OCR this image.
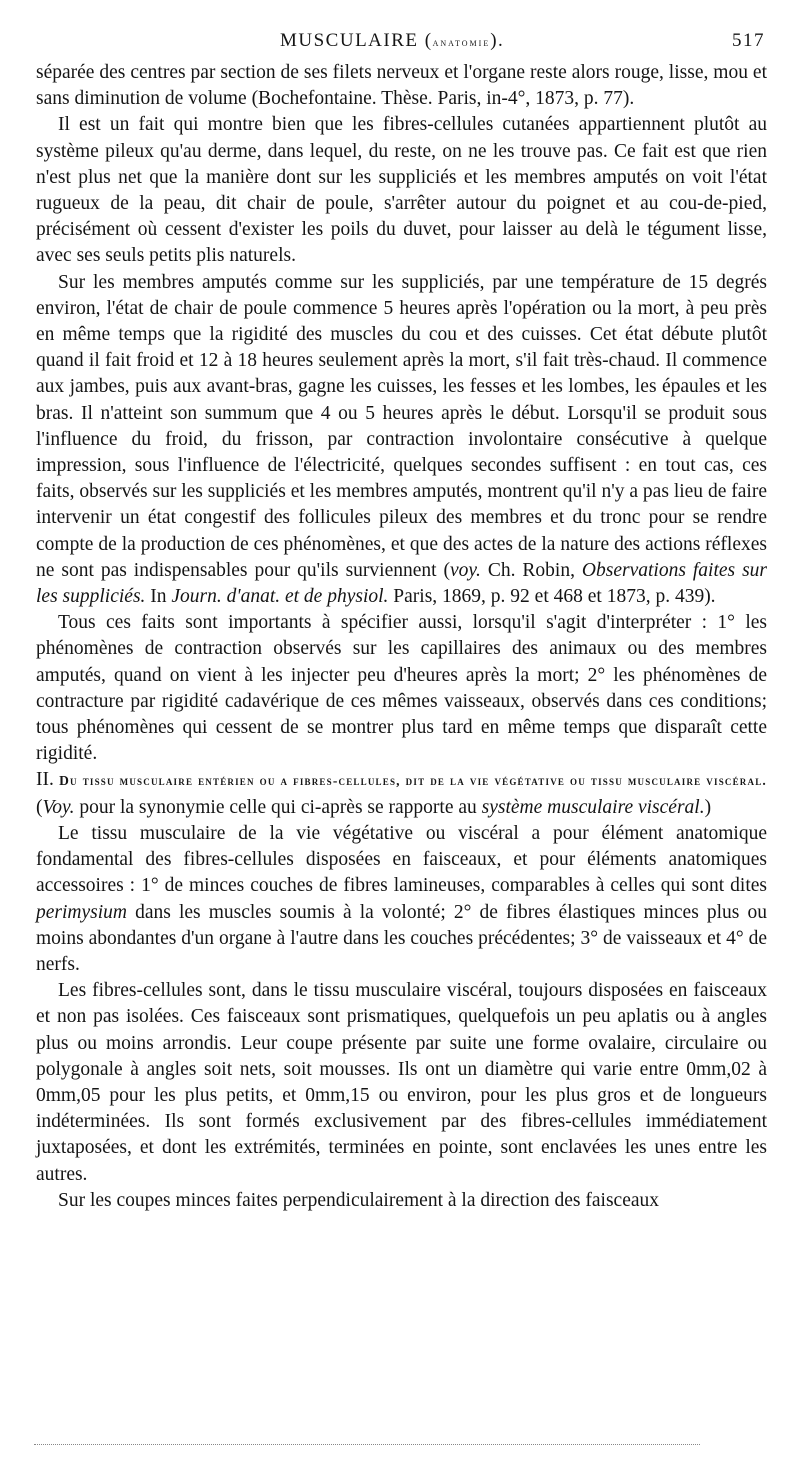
MUSCULAIRE (anatomie).	517

séparée des centres par section de ses filets nerveux et l'organe reste alors rouge, lisse, mou et sans diminution de volume (Bochefontaine. Thèse. Paris, in-4°, 1873, p. 77).

Il est un fait qui montre bien que les fibres-cellules cutanées appartiennent plutôt au système pileux qu'au derme, dans lequel, du reste, on ne les trouve pas. Ce fait est que rien n'est plus net que la manière dont sur les suppliciés et les membres amputés on voit l'état rugueux de la peau, dit chair de poule, s'arrêter autour du poignet et au cou-de-pied, précisément où cessent d'exister les poils du duvet, pour laisser au delà le tégument lisse, avec ses seuls petits plis naturels.

Sur les membres amputés comme sur les suppliciés, par une température de 15 degrés environ, l'état de chair de poule commence 5 heures après l'opération ou la mort, à peu près en même temps que la rigidité des muscles du cou et des cuisses. Cet état débute plutôt quand il fait froid et 12 à 18 heures seulement après la mort, s'il fait très-chaud. Il commence aux jambes, puis aux avant-bras, gagne les cuisses, les fesses et les lombes, les épaules et les bras. Il n'atteint son summum que 4 ou 5 heures après le début. Lorsqu'il se produit sous l'influence du froid, du frisson, par contraction involontaire consécutive à quelque impression, sous l'influence de l'électricité, quelques secondes suffisent : en tout cas, ces faits, observés sur les suppliciés et les membres amputés, montrent qu'il n'y a pas lieu de faire intervenir un état congestif des follicules pileux des membres et du tronc pour se rendre compte de la production de ces phénomènes, et que des actes de la nature des actions réflexes ne sont pas indispensables pour qu'ils surviennent (voy. Ch. Robin, Observations faites sur les suppliciés. In Journ. d'anat. et de physiol. Paris, 1869, p. 92 et 468 et 1873, p. 439).

Tous ces faits sont importants à spécifier aussi, lorsqu'il s'agit d'interpréter : 1° les phénomènes de contraction observés sur les capillaires des animaux ou des membres amputés, quand on vient à les injecter peu d'heures après la mort; 2° les phénomènes de contracture par rigidité cadavérique de ces mêmes vaisseaux, observés dans ces conditions; tous phénomènes qui cessent de se montrer plus tard en même temps que disparaît cette rigidité.

II. Du tissu musculaire entérien ou a fibres-cellules, dit de la vie végétative ou tissu musculaire viscéral. (Voy. pour la synonymie celle qui ci-après se rapporte au système musculaire viscéral.)

Le tissu musculaire de la vie végétative ou viscéral a pour élément anatomique fondamental des fibres-cellules disposées en faisceaux, et pour éléments anatomiques accessoires : 1° de minces couches de fibres lamineuses, comparables à celles qui sont dites perimysium dans les muscles soumis à la volonté; 2° de fibres élastiques minces plus ou moins abondantes d'un organe à l'autre dans les couches précédentes; 3° de vaisseaux et 4° de nerfs.

Les fibres-cellules sont, dans le tissu musculaire viscéral, toujours disposées en faisceaux et non pas isolées. Ces faisceaux sont prismatiques, quelquefois un peu aplatis ou à angles plus ou moins arrondis. Leur coupe présente par suite une forme ovalaire, circulaire ou polygonale à angles soit nets, soit mousses. Ils ont un diamètre qui varie entre 0mm,02 à 0mm,05 pour les plus petits, et 0mm,15 ou environ, pour les plus gros et de longueurs indéterminées. Ils sont formés exclusivement par des fibres-cellules immédiatement juxtaposées, et dont les extrémités, terminées en pointe, sont enclavées les unes entre les autres.

Sur les coupes minces faites perpendiculairement à la direction des faisceaux
